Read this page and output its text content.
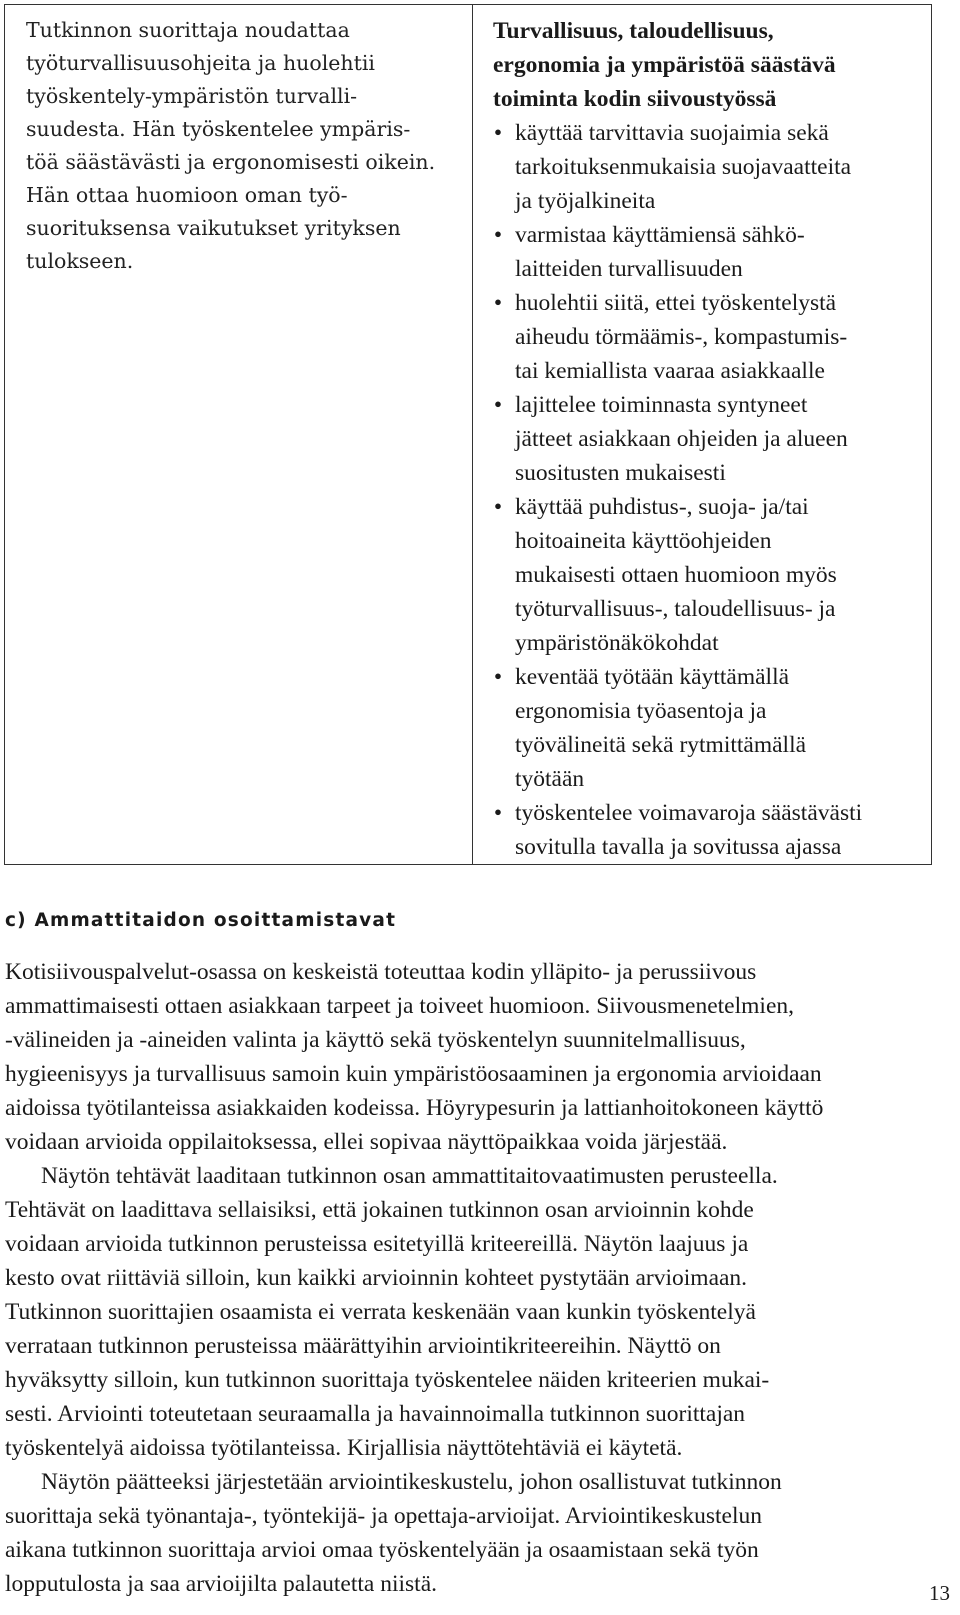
Tutkinnon suorittaja noudattaa
työturvallisuusohjeita ja huolehtii
työskentely-ympäristön turvalli-
suudesta. Hän työskentelee ympäris-
töä säästävästi ja ergonomisesti oikein.
Hän ottaa huomioon oman työ-
suorituksensa vaikutukset yrityksen
tulokseen.
Turvallisuus, taloudellisuus,
ergonomia ja ympäristöä säästävä
toiminta kodin siivoustyössä
• käyttää tarvittavia suojaimia sekä
tarkoituksenmukaisia suojavaatteita
ja työjalkineita
• varmistaa käyttämiensä sähkö-
laitteiden turvallisuuden
• huolehtii siitä, ettei työskentelystä
aiheudu törmäämis-, kompastumis-
tai kemiallista vaaraa asiakkaalle
• lajittelee toiminnasta syntyneet
jätteet asiakkaan ohjeiden ja alueen
suositusten mukaisesti
• käyttää puhdistus-, suoja- ja/tai
hoitoaineita käyttöohjeiden
mukaisesti ottaen huomioon myös
työturvallisuus-, taloudellisuus- ja
ympäristönäkökohdat
• keventää työtään käyttämällä
ergonomisia työasentoja ja
työvälineitä sekä rytmittämällä
työtään
• työskentelee voimavaroja säästävästi
sovitulla tavalla ja sovitussa ajassa
c) Ammattitaidon osoittamistavat
Kotisiivouspalvelut-osassa on keskeistä toteuttaa kodin ylläpito- ja perussiivous
ammattimaisesti ottaen asiakkaan tarpeet ja toiveet huomioon. Siivousmenetelmien,
-välineiden ja -aineiden valinta ja käyttö sekä työskentelyn suunnitelmallisuus,
hygieenisyys ja turvallisuus samoin kuin ympäristöosaaminen ja ergonomia arvioidaan
aidoissa työtilanteissa asiakkaiden kodeissa. Höyrypesurin ja lattianhoitokoneen käyttö
voidaan arvioida oppilaitoksessa, ellei sopivaa näyttöpaikkaa voida järjestää.
Näytön tehtävät laaditaan tutkinnon osan ammattitaitovaatimusten perusteella.
Tehtävät on laadittava sellaisiksi, että jokainen tutkinnon osan arvioinnin kohde
voidaan arvioida tutkinnon perusteissa esitetyillä kriteereillä. Näytön laajuus ja
kesto ovat riittäviä silloin, kun kaikki arvioinnin kohteet pystytään arvioimaan.
Tutkinnon suorittajien osaamista ei verrata keskenään vaan kunkin työskentelyä
verrataan tutkinnon perusteissa määrättyihin arviointikriteereihin. Näyttö on
hyväksytty silloin, kun tutkinnon suorittaja työskentelee näiden kriteerien mukai-
sesti. Arviointi toteutetaan seuraamalla ja havainnoimalla tutkinnon suorittajan
työskentelyä aidoissa työtilanteissa. Kirjallisia näyttötehtäviä ei käytetä.
Näytön päätteeksi järjestetään arviointikeskustelu, johon osallistuvat tutkinnon
suorittaja sekä työnantaja-, työntekijä- ja opettaja-arvioijat. Arviointikeskustelun
aikana tutkinnon suorittaja arvioi omaa työskentelyään ja osaamistaan sekä työn
lopputulosta ja saa arvioijilta palautetta niistä.	13
